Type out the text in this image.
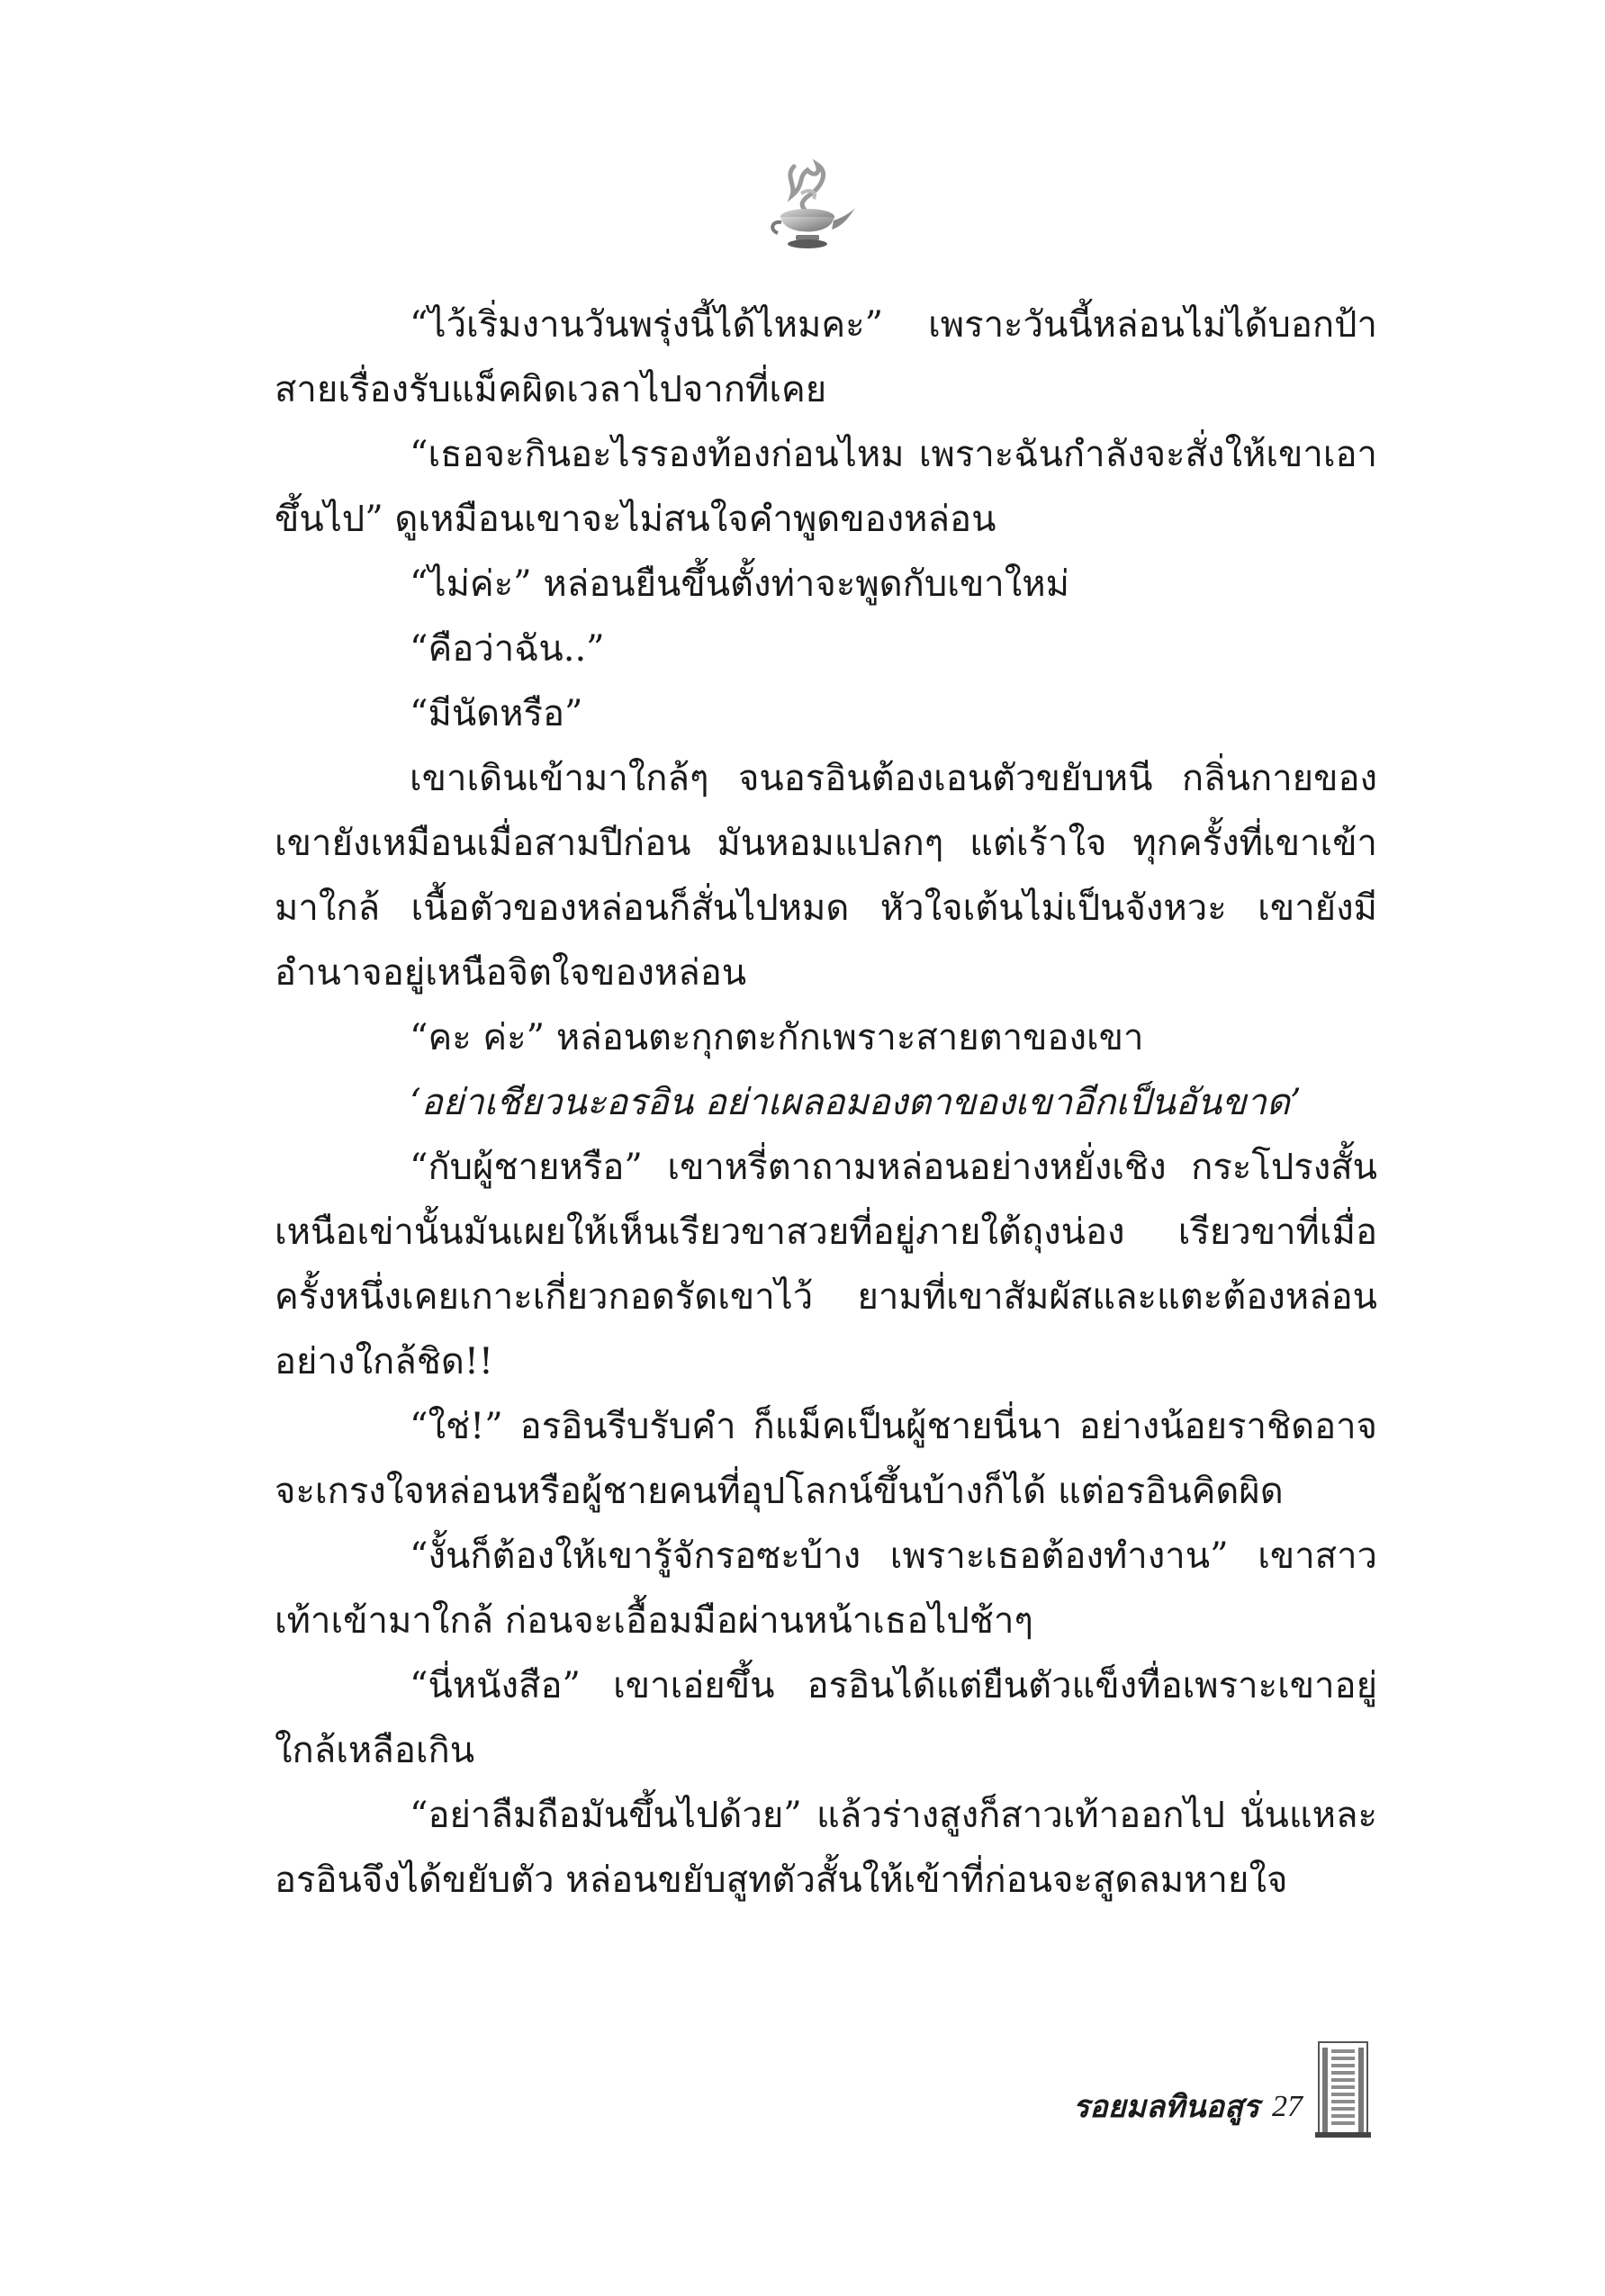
“ไว้เริ่มงานวันพรุ่งนี้ได้ไหมคะ” เพราะวันนี้หล่อนไม่ได้บอกป้าสายเรื่องรับแม็คผิดเวลาไปจากที่เคย

“เธอจะกินอะไรรองท้องก่อนไหม เพราะฉันกำลังจะสั่งให้เขาเอาขึ้นไป” ดูเหมือนเขาจะไม่สนใจคำพูดของหล่อน

“ไม่ค่ะ” หล่อนยืนขึ้นตั้งท่าจะพูดกับเขาใหม่

“คือว่าฉัน..”

“มีนัดหรือ”

เขาเดินเข้ามาใกล้ๆ จนอรอินต้องเอนตัวขยับหนี กลิ่นกายของเขายังเหมือนเมื่อสามปีก่อน มันหอมแปลกๆ แต่เร้าใจ ทุกครั้งที่เขาเข้ามาใกล้ เนื้อตัวของหล่อนก็สั่นไปหมด หัวใจเต้นไม่เป็นจังหวะ เขายังมีอำนาจอยู่เหนือจิตใจของหล่อน

“คะ ค่ะ” หล่อนตะกุกตะกักเพราะสายตาของเขา

‘อย่าเชียวนะอรอิน อย่าเผลอมองตาของเขาอีกเป็นอันขาด’

“กับผู้ชายหรือ” เขาหรี่ตาถามหล่อนอย่างหยั่งเชิง กระโปรงสั้นเหนือเข่านั้นมันเผยให้เห็นเรียวขาสวยที่อยู่ภายใต้ถุงน่อง เรียวขาที่เมื่อครั้งหนึ่งเคยเกาะเกี่ยวกอดรัดเขาไว้ ยามที่เขาสัมผัสและแตะต้องหล่อนอย่างใกล้ชิด!!

“ใช่!” อรอินรีบรับคำ ก็แม็คเป็นผู้ชายนี่นา อย่างน้อยราชิดอาจจะเกรงใจหล่อนหรือผู้ชายคนที่อุปโลกน์ขึ้นบ้างก็ได้ แต่อรอินคิดผิด

“งั้นก็ต้องให้เขารู้จักรอซะบ้าง เพราะเธอต้องทำงาน” เขาสาวเท้าเข้ามาใกล้ ก่อนจะเอื้อมมือผ่านหน้าเธอไปช้าๆ

“นี่หนังสือ” เขาเอ่ยขึ้น อรอินได้แต่ยืนตัวแข็งทื่อเพราะเขาอยู่ใกล้เหลือเกิน

“อย่าลืมถือมันขึ้นไปด้วย” แล้วร่างสูงก็สาวเท้าออกไป นั่นแหละอรอินจึงได้ขยับตัว หล่อนขยับสูทตัวสั้นให้เข้าที่ก่อนจะสูดลมหายใจ

รอยมลทินอสูร 27
